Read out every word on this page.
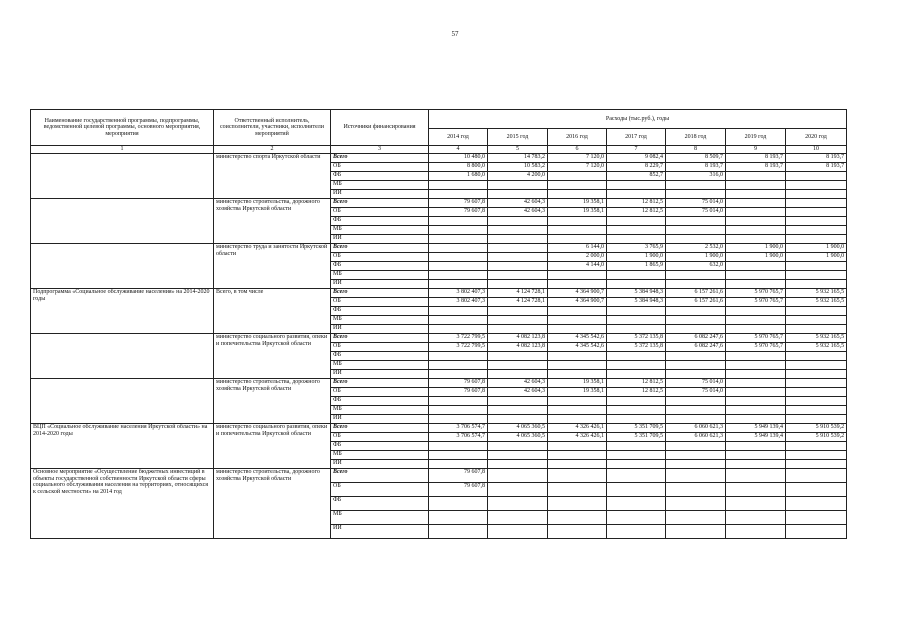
57
Наименование государственной программы, подпрограммы, ведомственной целевой программы, основного мероприятия, мероприятия	Ответственный исполнитель, соисполнители, участники, исполнители мероприятий	Источники финансирования	Расходы (тыс.руб.), годы						
			2014 год	2015 год	2016 год	2017 год	2018 год	2019 год	2020 год
1	2	3	4	5	6	7	8	9	10
	министерство спорта Иркутской области	Всего	10 480,0	14 783,2	7 120,0	9 082,4	8 509,7	8 193,7	8 193,7
		ОБ	8 800,0	10 583,2	7 120,0	8 229,7	8 193,7	8 193,7	8 193,7
		ФБ	1 680,0	4 200,0		852,7	316,0		
		МБ							
		ИИ							
	министерство строительства, дорожного хозяйства Иркутской области	Всего	79 607,8	42 604,3	19 358,1	12 812,5	75 014,0		
		ОБ	79 607,8	42 604,3	19 358,1	12 812,5	75 014,0		
		ФБ							
		МБ							
		ИИ							
	министерство труда и занятости Иркутской области	Всего			6 144,0	3 765,9	2 532,0	1 900,0	1 900,0
		ОБ			2 000,0	1 900,0	1 900,0	1 900,0	1 900,0
		ФБ			4 144,0	1 865,9	632,0		
		МБ							
		ИИ							
Подпрограмма «Социальное обслуживание населения» на 2014-2020 годы	Всего, в том числе	Всего	3 802 407,3	4 124 728,1	4 364 900,7	5 384 948,3	6 157 261,6	5 970 765,7	5 932 165,5
		ОБ	3 802 407,3	4 124 728,1	4 364 900,7	5 384 948,3	6 157 261,6	5 970 765,7	5 932 165,5
		ФБ							
		МБ							
		ИИ							
	министерство социального развития, опеки и попечительства Иркутской области	Всего	3 722 799,5	4 082 123,8	4 345 542,6	5 372 135,8	6 082 247,6	5 970 765,7	5 932 165,5
		ОБ	3 722 799,5	4 082 123,8	4 345 542,6	5 372 135,8	6 082 247,6	5 970 765,7	5 932 165,5
		ФБ							
		МБ							
		ИИ							
	министерство строительства, дорожного хозяйства Иркутской области	Всего	79 607,8	42 604,3	19 358,1	12 812,5	75 014,0		
		ОБ	79 607,8	42 604,3	19 358,1	12 812,5	75 014,0		
		ФБ							
		МБ							
		ИИ							
ВЦП «Социальное обслуживание населения Иркутской области» на 2014-2020 годы	министерство социального развития, опеки и попечительства Иркутской области	Всего	3 706 574,7	4 065 360,5	4 326 426,1	5 351 709,5	6 060 621,3	5 949 139,4	5 910 539,2
		ОБ	3 706 574,7	4 065 360,5	4 326 426,1	5 351 709,5	6 060 621,3	5 949 139,4	5 910 539,2
		ФБ							
		МБ							
		ИИ							
Основное мероприятие «Осуществление бюджетных инвестиций в объекты государственной собственности Иркутской области сферы социального обслуживания населения на территориях, относящихся к сельской местности» на 2014 год	министерство строительства, дорожного хозяйства Иркутской области	Всего	79 607,8						
		ОБ	79 607,8						
		ФБ							
		МБ							
		ИИ							
